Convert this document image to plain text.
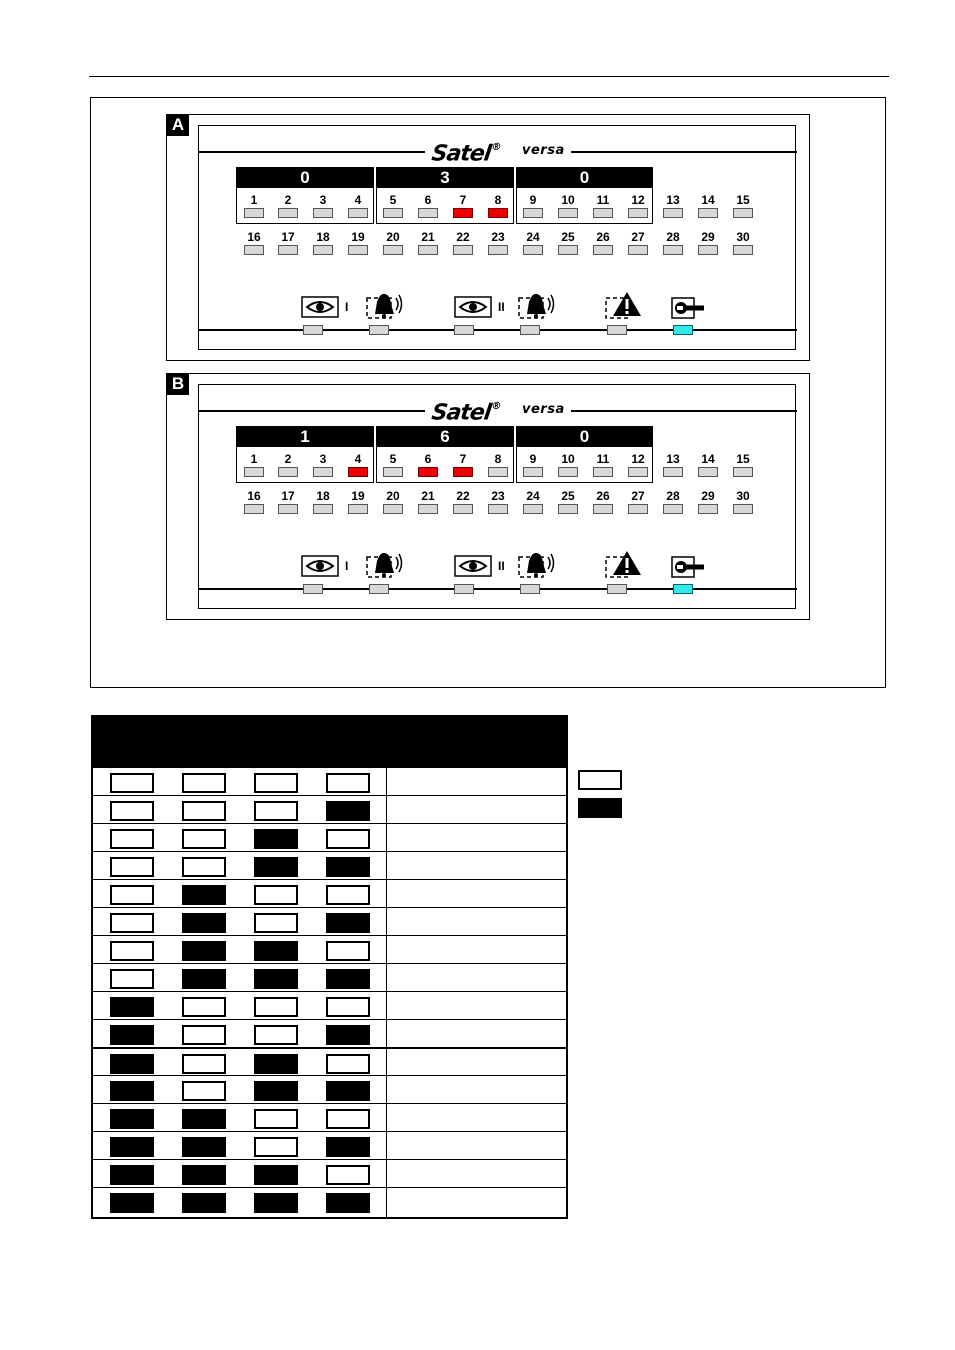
A
Satel® versa
0
1	2	3	4
3
5	6	7	8
0
9	10	11	12	13	14	15
16	17	18	19	20	21	22	23	24	25	26	27	28	29	30
I	II
B
Satel® versa
1
1	2	3	4
6
5	6	7	8
0
9	10	11	12	13	14	15
16	17	18	19	20	21	22	23	24	25	26	27	28	29	30
I	II
